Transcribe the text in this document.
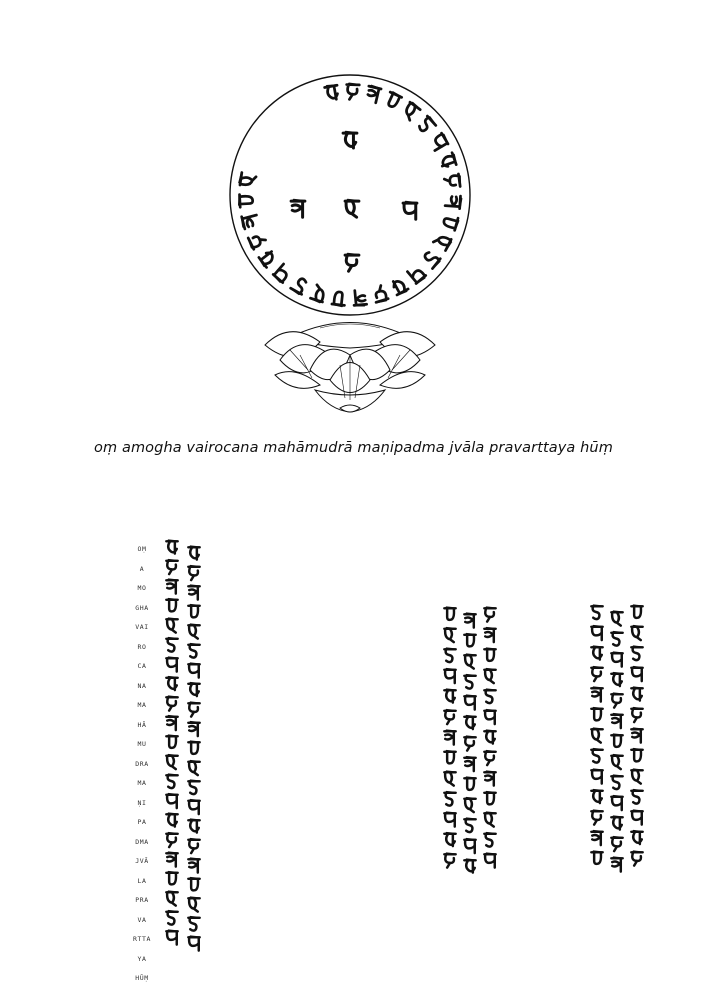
oṃ amogha vairocana mahāmudrā maṇipadma jvāla pravarttaya hūṃ
OṂ
A
MO
GHA
VAI
RO
CA
NA
MA
HĀ
MU
DRA
MA
ṆI
PA
DMA
JVĀ
LA
PRA
VA
RTTA
YA
HŪṂ
